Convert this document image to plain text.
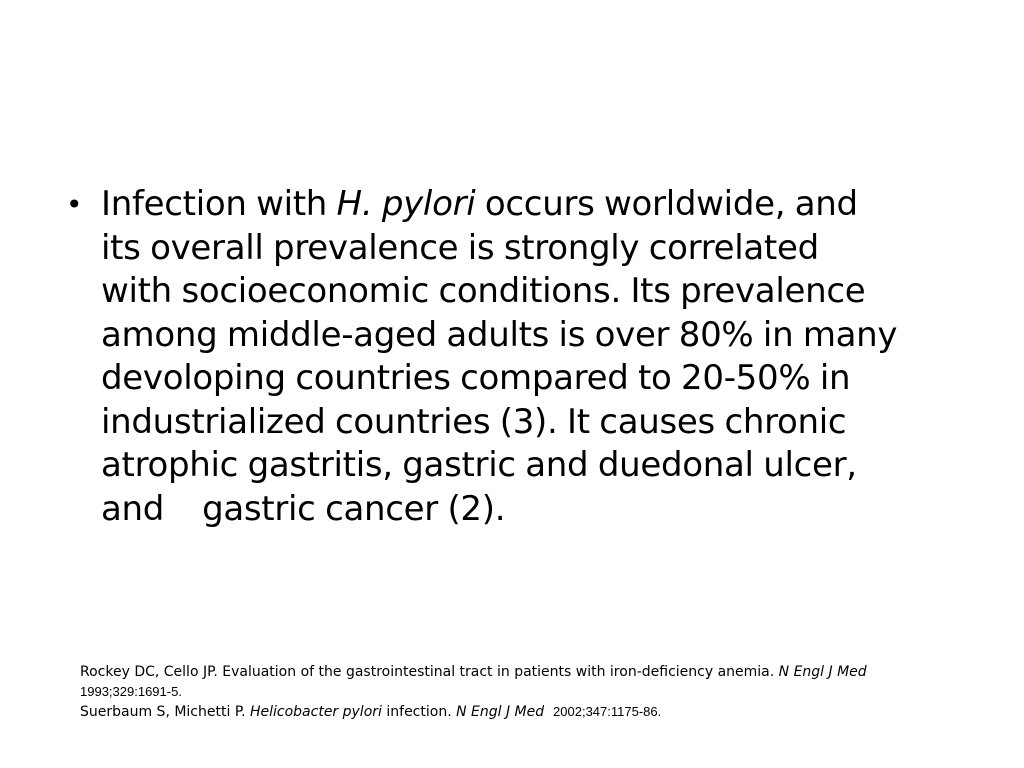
• Infection with H. pylori occurs worldwide, and
its overall prevalence is strongly correlated
with socioeconomic conditions. Its prevalence
among middle-aged adults is over 80% in many
devoloping countries compared to 20-50% in
industrialized countries (3). It causes chronic
atrophic gastritis, gastric and duedonal ulcer,
and gastric cancer (2).
Rockey DC, Cello JP. Evaluation of the gastrointestinal tract in patients with iron-deficiency anemia. N Engl J Med
1993;329:1691-5.
Suerbaum S, Michetti P. Helicobacter pylori infection. N Engl J Med 2002;347:1175-86.
